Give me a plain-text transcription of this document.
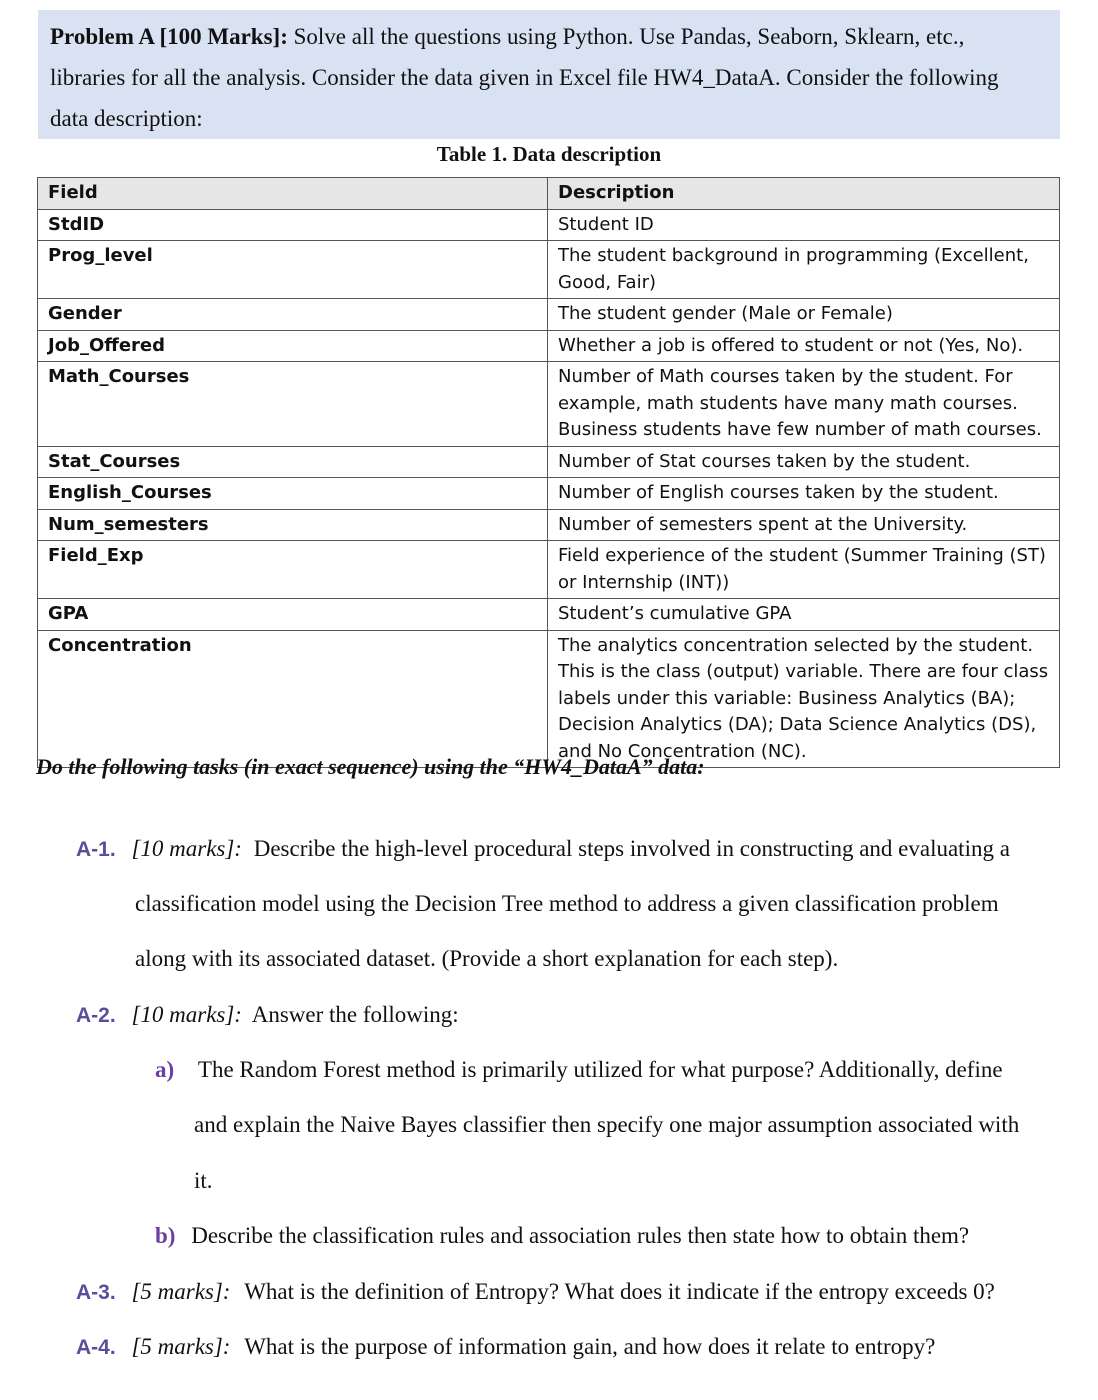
Problem A [100 Marks]: Solve all the questions using Python. Use Pandas, Seaborn, Sklearn, etc.,
libraries for all the analysis. Consider the data given in Excel file HW4_DataA. Consider the following
data description:
Table 1. Data description
Field	Description
StdID	Student ID
Prog_level	The student background in programming (Excellent, Good, Fair)
Gender	The student gender (Male or Female)
Job_Offered	Whether a job is offered to student or not (Yes, No).
Math_Courses	Number of Math courses taken by the student. For example, math students have many math courses. Business students have few number of math courses.
Stat_Courses	Number of Stat courses taken by the student.
English_Courses	Number of English courses taken by the student.
Num_semesters	Number of semesters spent at the University.
Field_Exp	Field experience of the student (Summer Training (ST) or Internship (INT))
GPA	Student’s cumulative GPA
Concentration	The analytics concentration selected by the student. This is the class (output) variable. There are four class labels under this variable: Business Analytics (BA); Decision Analytics (DA); Data Science Analytics (DS), and No Concentration (NC).
Do the following tasks (in exact sequence) using the “HW4_DataA” data:
A-1. [10 marks]: Describe the high-level procedural steps involved in constructing and evaluating a
classification model using the Decision Tree method to address a given classification problem
along with its associated dataset. (Provide a short explanation for each step).
A-2. [10 marks]: Answer the following:
a) The Random Forest method is primarily utilized for what purpose? Additionally, define
and explain the Naive Bayes classifier then specify one major assumption associated with
it.
b) Describe the classification rules and association rules then state how to obtain them?
A-3. [5 marks]: What is the definition of Entropy? What does it indicate if the entropy exceeds 0?
A-4. [5 marks]: What is the purpose of information gain, and how does it relate to entropy?
